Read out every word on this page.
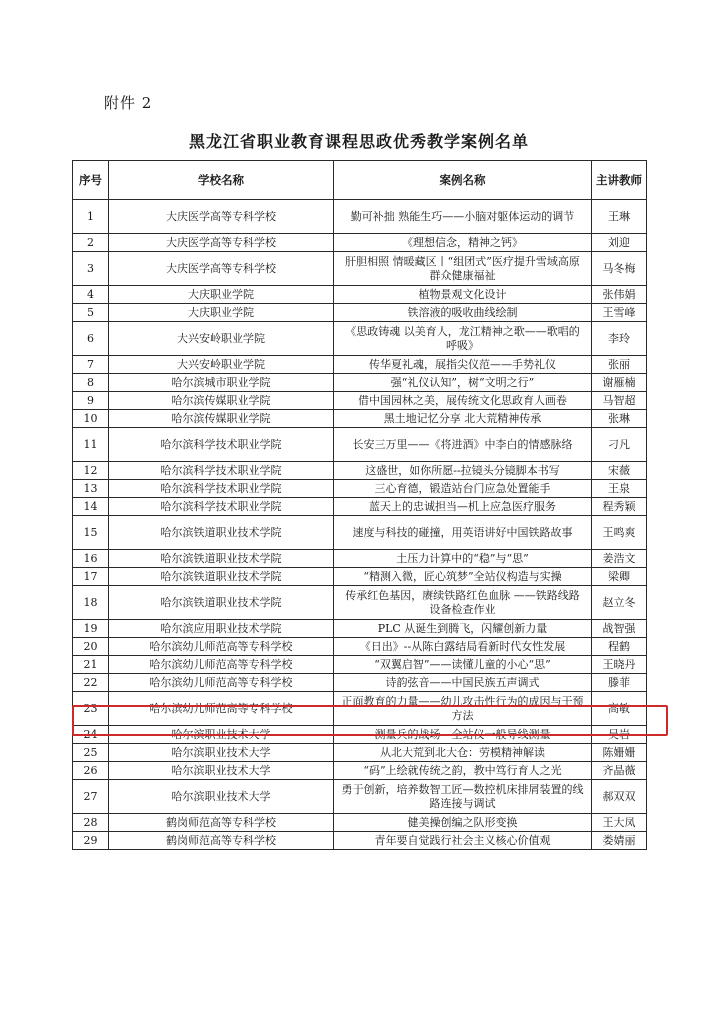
附件 2
黑龙江省职业教育课程思政优秀教学案例名单
序号	学校名称	案例名称	主讲教师
1	大庆医学高等专科学校	勤可补拙 熟能生巧——小脑对躯体运动的调节	王琳
2	大庆医学高等专科学校	《理想信念，精神之钙》	刘迎
3	大庆医学高等专科学校	肝胆相照 情暖藏区丨“组团式”医疗提升雪域高原群众健康福祉	马冬梅
4	大庆职业学院	植物景观文化设计	张伟娟
5	大庆职业学院	铁溶液的吸收曲线绘制	王雪峰
6	大兴安岭职业学院	《思政铸魂 以美育人，龙江精神之歌——歌唱的呼吸》	李玲
7	大兴安岭职业学院	传华夏礼魂，展指尖仪范——手势礼仪	张丽
8	哈尔滨城市职业学院	强“礼仪认知”，树“文明之行”	谢雁楠
9	哈尔滨传媒职业学院	借中国园林之美，展传统文化思政育人画卷	马智超
10	哈尔滨传媒职业学院	黑土地记忆分享 北大荒精神传承	张琳
11	哈尔滨科学技术职业学院	长安三万里——《将进酒》中李白的情感脉络	刁凡
12	哈尔滨科学技术职业学院	这盛世，如你所愿--拉镜头分镜脚本书写	宋薇
13	哈尔滨科学技术职业学院	三心育德，锻造站台门应急处置能手	王泉
14	哈尔滨科学技术职业学院	蓝天上的忠诚担当—机上应急医疗服务	程秀颖
15	哈尔滨铁道职业技术学院	速度与科技的碰撞，用英语讲好中国铁路故事	王鸣爽
16	哈尔滨铁道职业技术学院	土压力计算中的“稳”与“思”	姜浩文
17	哈尔滨铁道职业技术学院	“精测入微，匠心筑梦”全站仪构造与实操	梁卿
18	哈尔滨铁道职业技术学院	传承红色基因，赓续铁路红色血脉 ——铁路线路设备检查作业	赵立冬
19	哈尔滨应用职业技术学院	PLC 从诞生到腾飞，闪耀创新力量	战智强
20	哈尔滨幼儿师范高等专科学校	《日出》--从陈白露结局看新时代女性发展	程鹤
21	哈尔滨幼儿师范高等专科学校	“双翼启智”——读懂儿童的小心“思”	王晓丹
22	哈尔滨幼儿师范高等专科学校	诗韵弦音——中国民族五声调式	滕菲
23	哈尔滨幼儿师范高等专科学校	正面教育的力量——幼儿攻击性行为的成因与干预方法	高敏
24	哈尔滨职业技术大学	测量兵的战场—全站仪一般导线测量	吴岩
25	哈尔滨职业技术大学	从北大荒到北大仓：劳模精神解读	陈姗姗
26	哈尔滨职业技术大学	“码”上绘就传统之韵，教中笃行育人之光	齐晶薇
27	哈尔滨职业技术大学	勇于创新，培养数智工匠—数控机床排屑装置的线路连接与调试	郝双双
28	鹤岗师范高等专科学校	健美操创编之队形变换	王大凤
29	鹤岗师范高等专科学校	青年要自觉践行社会主义核心价值观	娄婧丽
